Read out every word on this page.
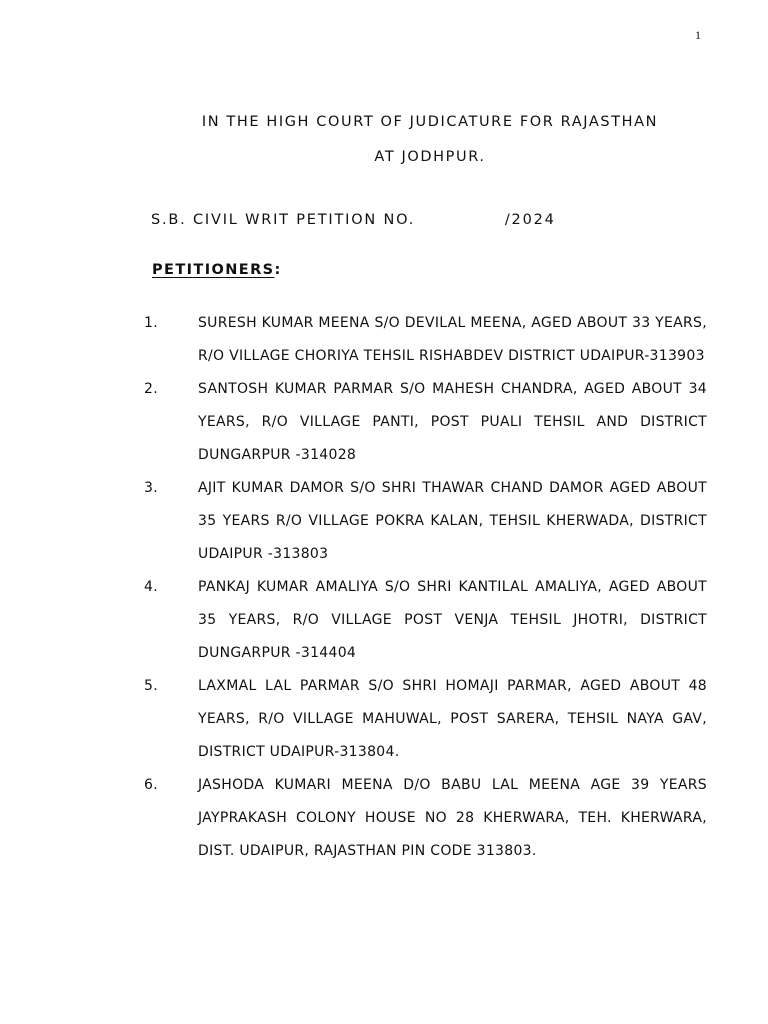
1
IN THE HIGH COURT OF JUDICATURE FOR RAJASTHAN
AT JODHPUR.
S.B. CIVIL WRIT PETITION NO.              /2024
PETITIONERS:
1.	SURESH KUMAR MEENA S/O DEVILAL MEENA, AGED ABOUT 33 YEARS, R/O VILLAGE CHORIYA TEHSIL RISHABDEV DISTRICT UDAIPUR-313903
2.	SANTOSH KUMAR PARMAR S/O MAHESH CHANDRA, AGED ABOUT 34 YEARS, R/O VILLAGE PANTI, POST PUALI TEHSIL AND DISTRICT DUNGARPUR -314028
3.	AJIT KUMAR DAMOR S/O SHRI THAWAR CHAND DAMOR AGED ABOUT 35 YEARS R/O VILLAGE POKRA KALAN, TEHSIL KHERWADA, DISTRICT UDAIPUR -313803
4.	PANKAJ KUMAR AMALIYA S/O SHRI KANTILAL AMALIYA, AGED ABOUT 35 YEARS, R/O VILLAGE POST VENJA TEHSIL JHOTRI, DISTRICT DUNGARPUR -314404
5.	LAXMAL LAL PARMAR S/O SHRI HOMAJI PARMAR, AGED ABOUT 48 YEARS, R/O VILLAGE MAHUWAL, POST SARERA, TEHSIL NAYA GAV, DISTRICT UDAIPUR-313804.
6.	JASHODA KUMARI MEENA D/O BABU LAL MEENA AGE 39 YEARS JAYPRAKASH COLONY HOUSE NO 28 KHERWARA, TEH. KHERWARA, DIST. UDAIPUR, RAJASTHAN PIN CODE 313803.
